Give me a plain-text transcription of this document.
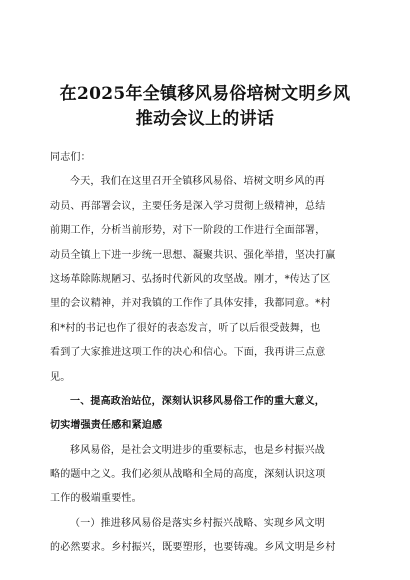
在2025年全镇移风易俗培树文明乡风
推动会议上的讲话
同志们：
今天，我们在这里召开全镇移风易俗、培树文明乡风的再
动员、再部署会议，主要任务是深入学习贯彻上级精神，总结
前期工作，分析当前形势，对下一阶段的工作进行全面部署，
动员全镇上下进一步统一思想、凝聚共识、强化举措，坚决打赢
这场革除陈规陋习、弘扬时代新风的攻坚战。刚才，*传达了区
里的会议精神，并对我镇的工作作了具体安排，我都同意。*村
和*村的书记也作了很好的表态发言，听了以后很受鼓舞，也
看到了大家推进这项工作的决心和信心。下面，我再讲三点意
见。
一、提高政治站位，深刻认识移风易俗工作的重大意义，
切实增强责任感和紧迫感
移风易俗，是社会文明进步的重要标志，也是乡村振兴战
略的题中之义。我们必须从战略和全局的高度，深刻认识这项
工作的极端重要性。
（一）推进移风易俗是落实乡村振兴战略、实现乡风文明
的必然要求。乡村振兴，既要塑形，也要铸魂。乡风文明是乡村
